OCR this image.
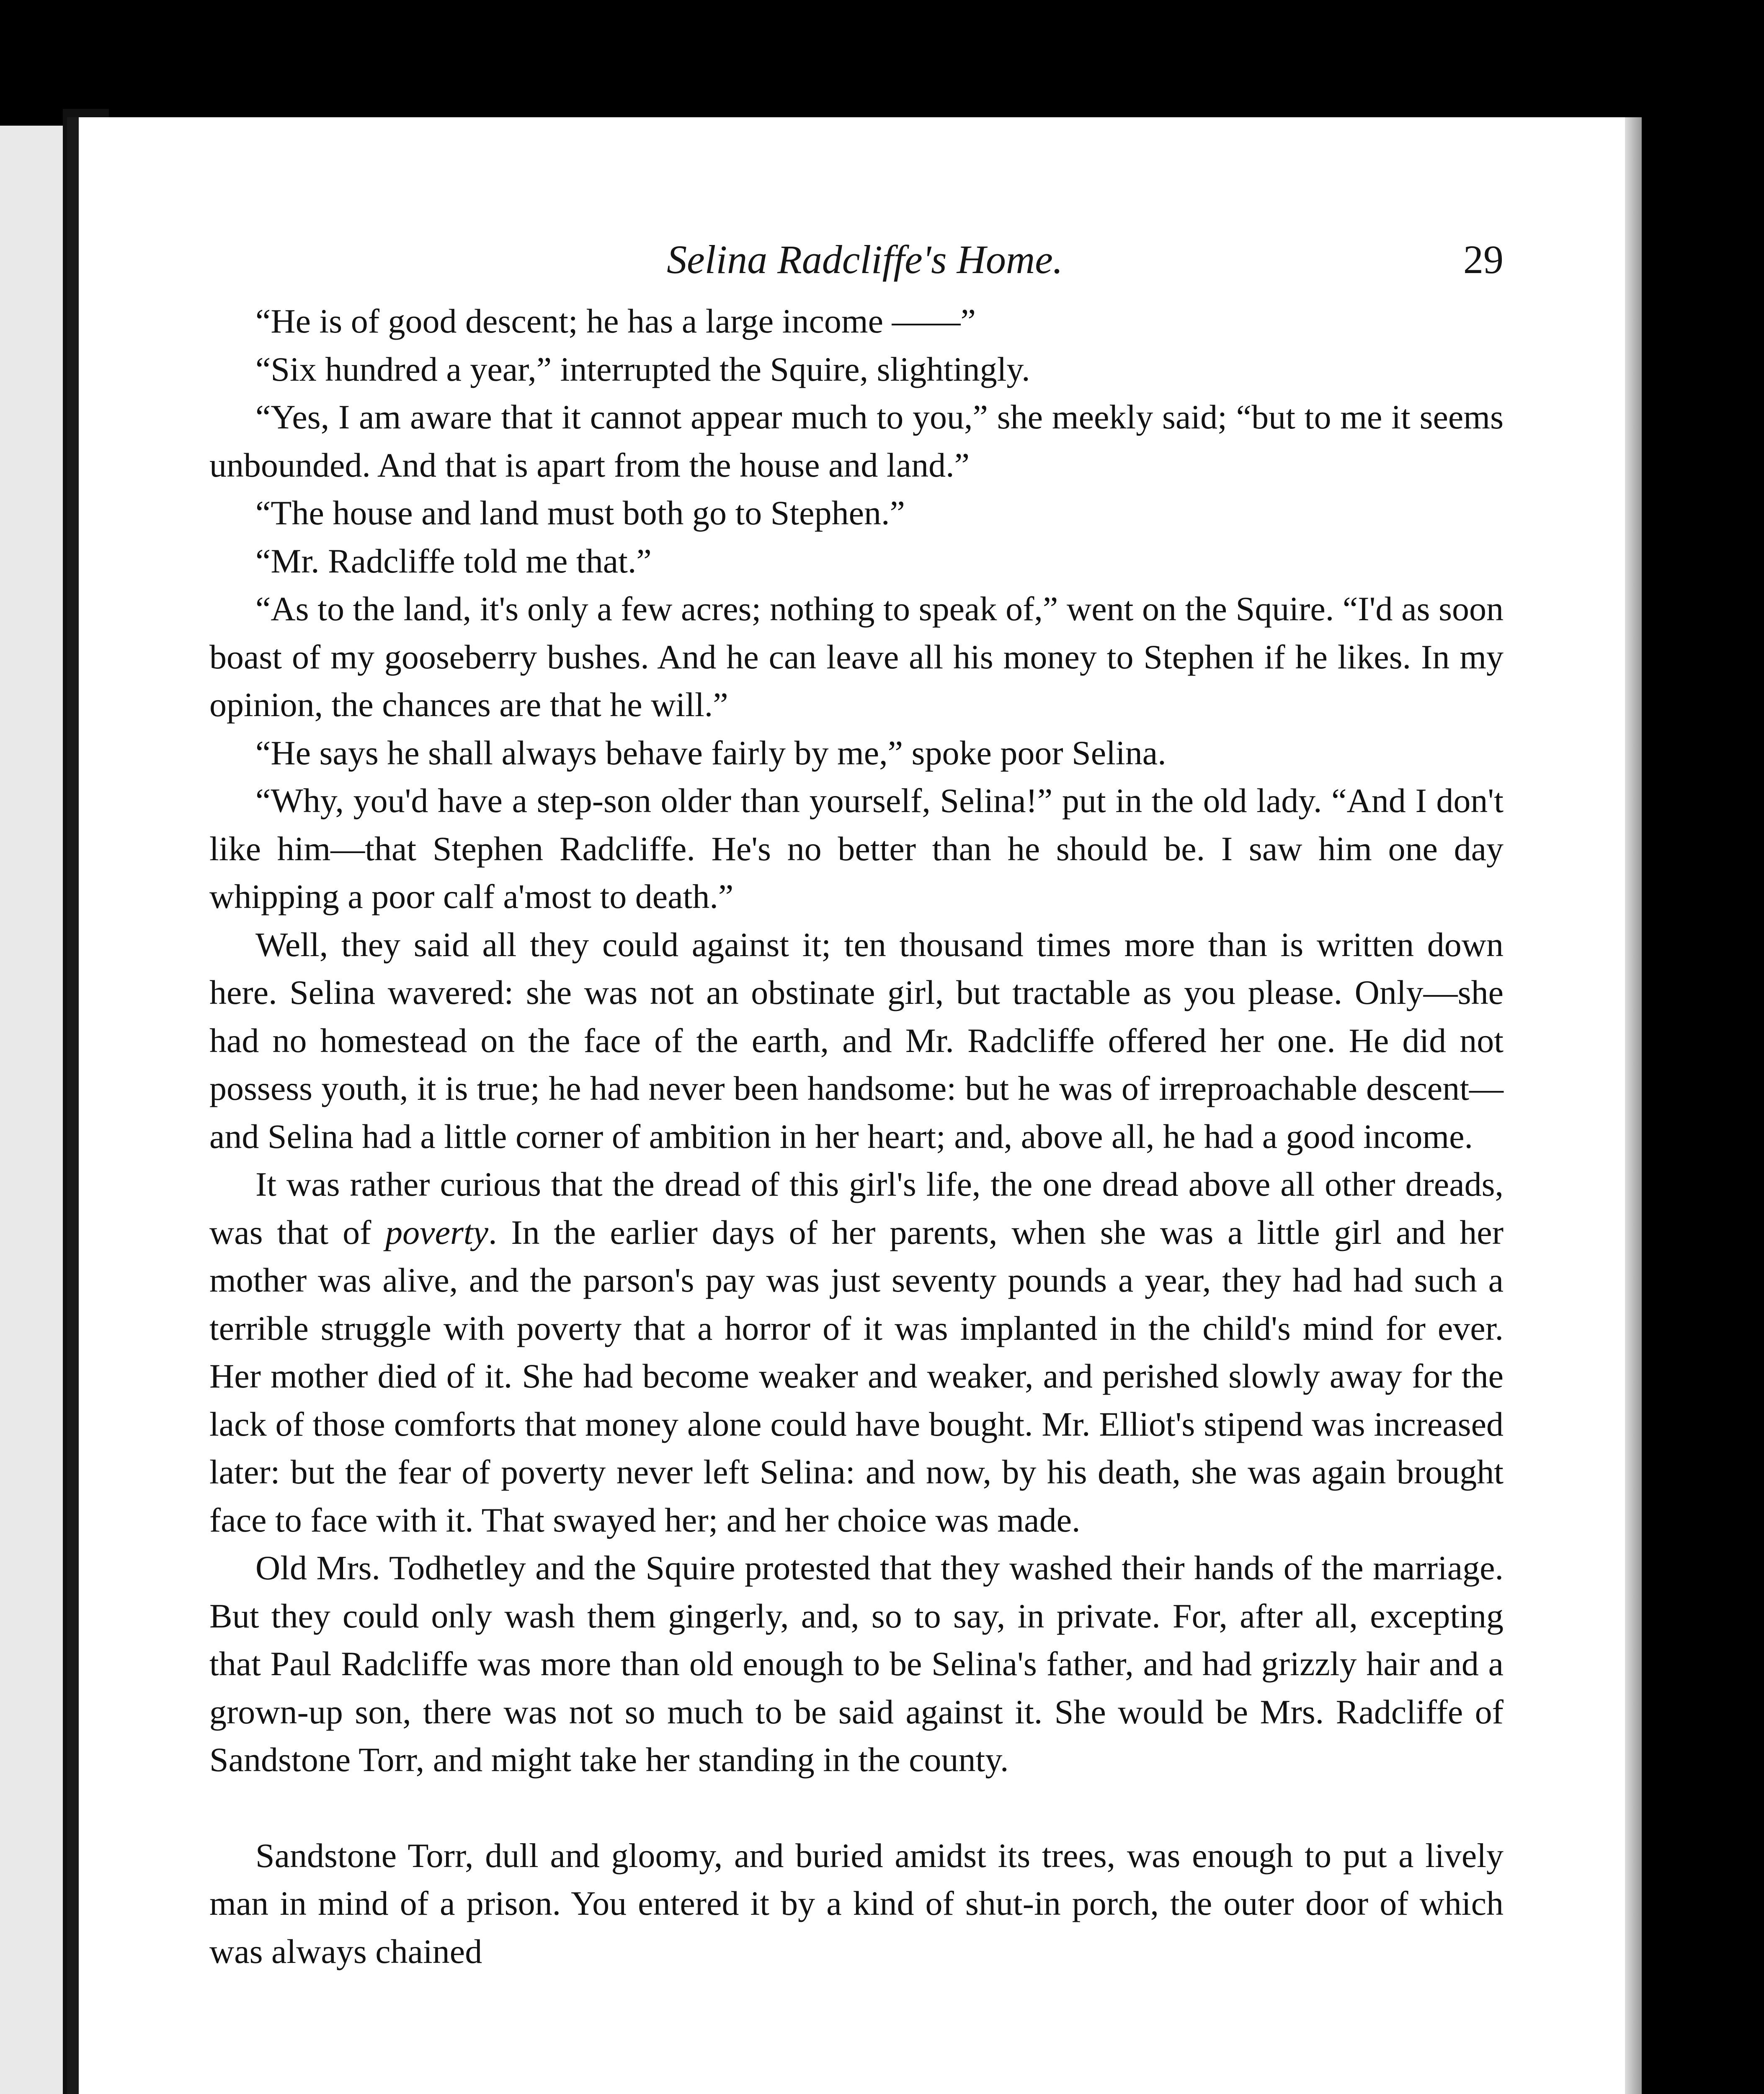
Selina Radcliffe's Home.	29

“He is of good descent; he has a large income ——”

“Six hundred a year,” interrupted the Squire, slightingly.

“Yes, I am aware that it cannot appear much to you,” she meekly said; “but to me it seems unbounded. And that is apart from the house and land.”

“The house and land must both go to Stephen.”

“Mr. Radcliffe told me that.”

“As to the land, it's only a few acres; nothing to speak of,” went on the Squire. “I'd as soon boast of my gooseberry bushes. And he can leave all his money to Stephen if he likes. In my opinion, the chances are that he will.”

“He says he shall always behave fairly by me,” spoke poor Selina.

“Why, you'd have a step-son older than yourself, Selina!” put in the old lady. “And I don't like him—that Stephen Radcliffe. He's no better than he should be. I saw him one day whipping a poor calf a'most to death.”

Well, they said all they could against it; ten thousand times more than is written down here. Selina wavered: she was not an obstinate girl, but tractable as you please. Only—she had no homestead on the face of the earth, and Mr. Radcliffe offered her one. He did not possess youth, it is true; he had never been handsome: but he was of irreproachable descent—and Selina had a little corner of ambition in her heart; and, above all, he had a good income.

It was rather curious that the dread of this girl's life, the one dread above all other dreads, was that of poverty. In the earlier days of her parents, when she was a little girl and her mother was alive, and the parson's pay was just seventy pounds a year, they had had such a terrible struggle with poverty that a horror of it was implanted in the child's mind for ever. Her mother died of it. She had become weaker and weaker, and perished slowly away for the lack of those comforts that money alone could have bought. Mr. Elliot's stipend was increased later: but the fear of poverty never left Selina: and now, by his death, she was again brought face to face with it. That swayed her; and her choice was made.

Old Mrs. Todhetley and the Squire protested that they washed their hands of the marriage. But they could only wash them gingerly, and, so to say, in private. For, after all, excepting that Paul Radcliffe was more than old enough to be Selina's father, and had grizzly hair and a grown-up son, there was not so much to be said against it. She would be Mrs. Radcliffe of Sandstone Torr, and might take her standing in the county.

Sandstone Torr, dull and gloomy, and buried amidst its trees, was enough to put a lively man in mind of a prison. You entered it by a kind of shut-in porch, the outer door of which was always chained
